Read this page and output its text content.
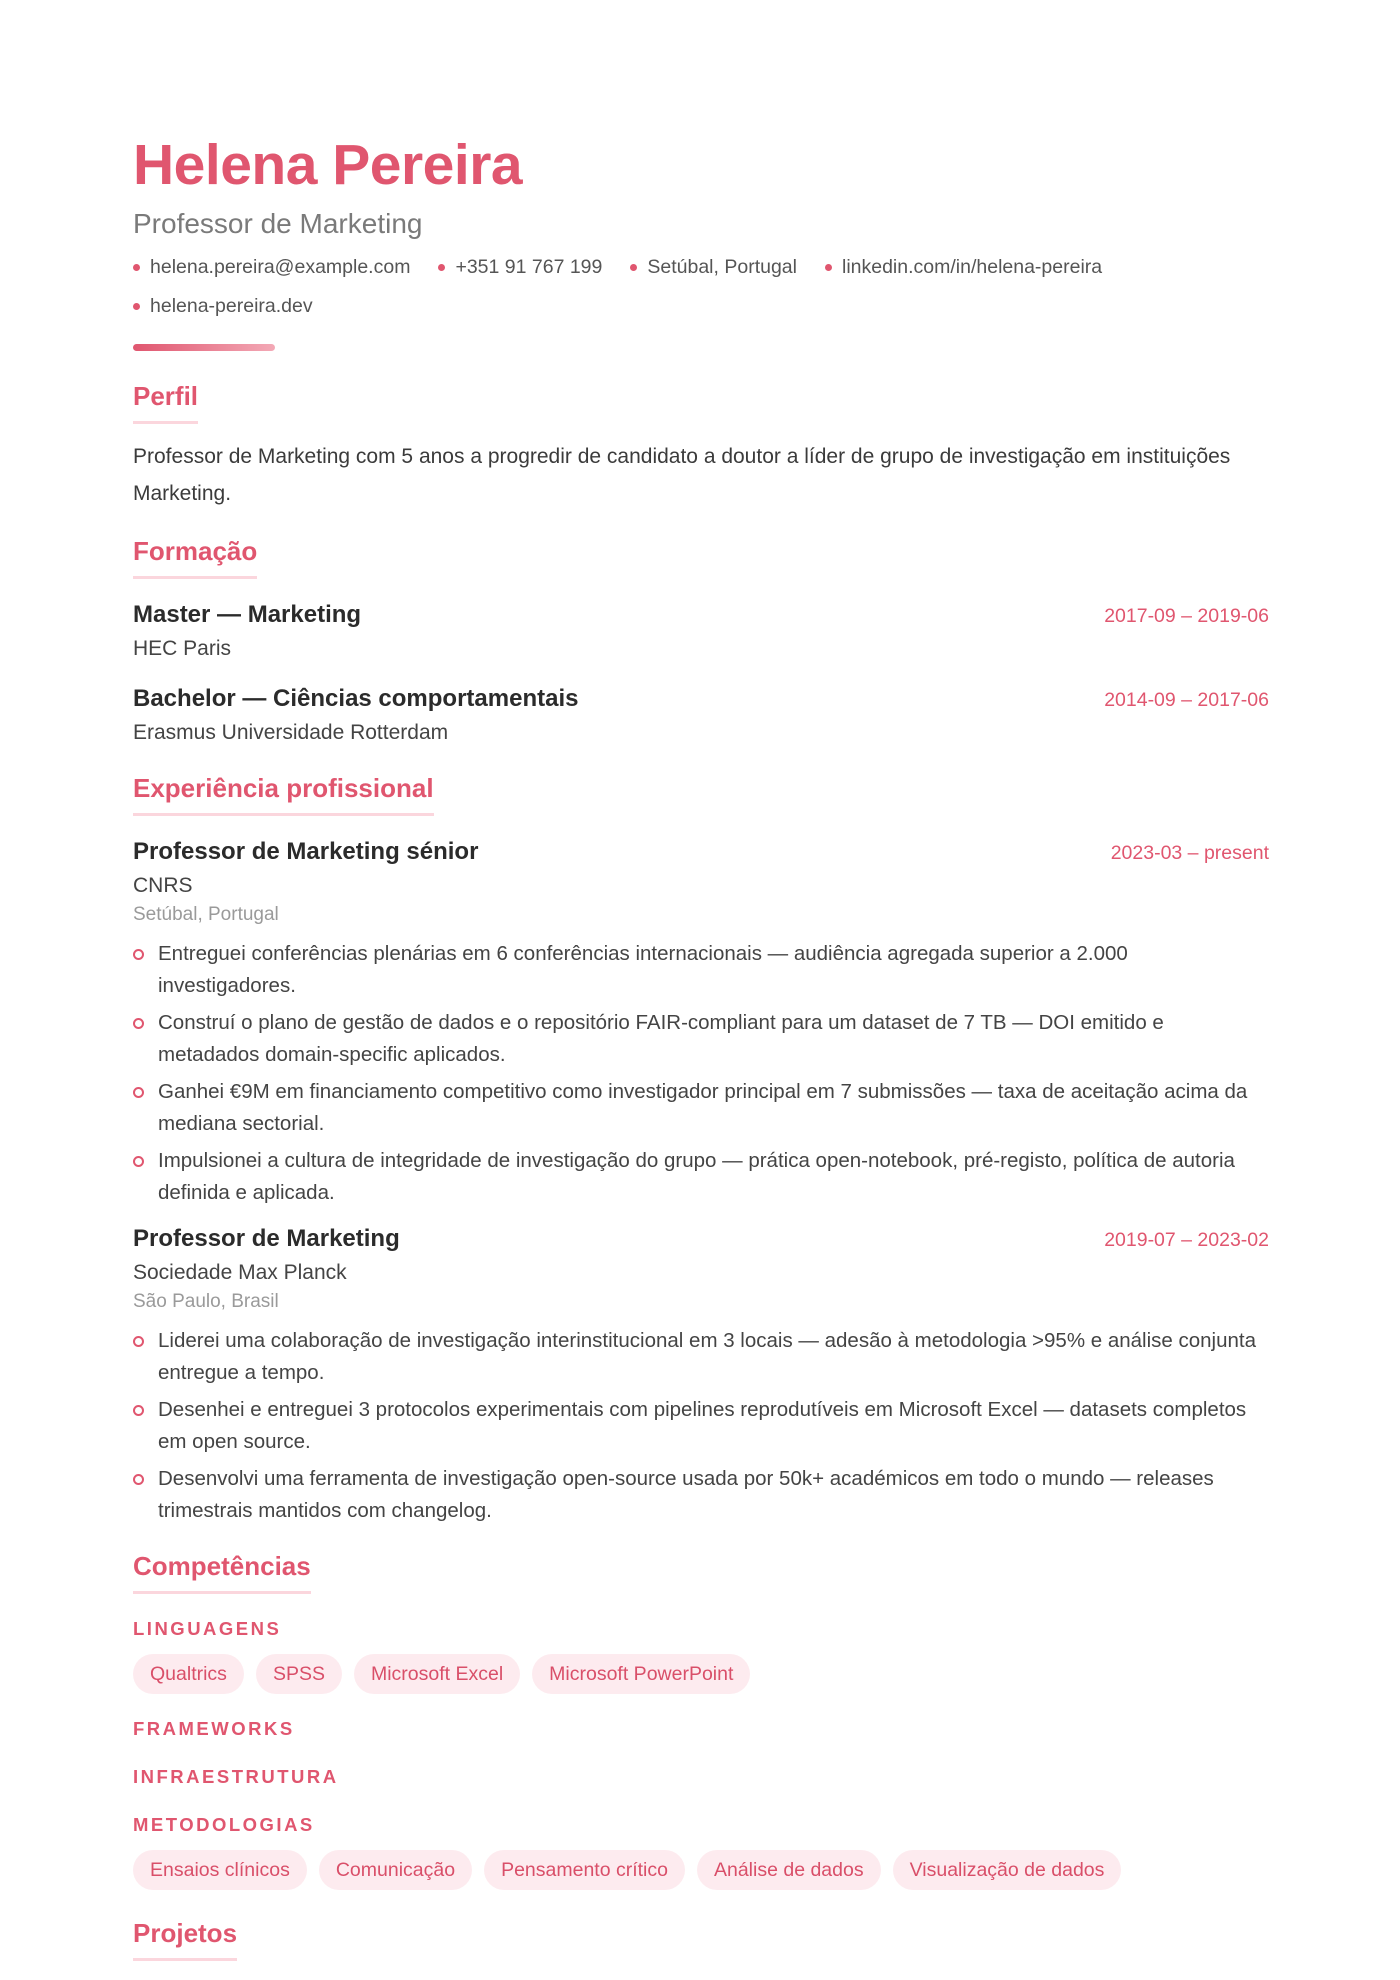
Helena Pereira
Professor de Marketing
helena.pereira@example.com +351 91 767 199 Setúbal, Portugal linkedin.com/in/helena-pereira
helena-pereira.dev
Perfil
Professor de Marketing com 5 anos a progredir de candidato a doutor a líder de grupo de investigação em instituições Marketing.
Formação
Master — Marketing	2017-09 – 2019-06
HEC Paris
Bachelor — Ciências comportamentais	2014-09 – 2017-06
Erasmus Universidade Rotterdam
Experiência profissional
Professor de Marketing sénior	2023-03 – present
CNRS
Setúbal, Portugal
Entreguei conferências plenárias em 6 conferências internacionais — audiência agregada superior a 2.000 investigadores.
Construí o plano de gestão de dados e o repositório FAIR-compliant para um dataset de 7 TB — DOI emitido e metadados domain-specific aplicados.
Ganhei €9M em financiamento competitivo como investigador principal em 7 submissões — taxa de aceitação acima da mediana sectorial.
Impulsionei a cultura de integridade de investigação do grupo — prática open-notebook, pré-registo, política de autoria definida e aplicada.
Professor de Marketing	2019-07 – 2023-02
Sociedade Max Planck
São Paulo, Brasil
Liderei uma colaboração de investigação interinstitucional em 3 locais — adesão à metodologia >95% e análise conjunta entregue a tempo.
Desenhei e entreguei 3 protocolos experimentais com pipelines reprodutíveis em Microsoft Excel — datasets completos em open source.
Desenvolvi uma ferramenta de investigação open-source usada por 50k+ académicos em todo o mundo — releases trimestrais mantidos com changelog.
Competências
LINGUAGENS
Qualtrics	SPSS	Microsoft Excel	Microsoft PowerPoint
FRAMEWORKS
INFRAESTRUTURA
METODOLOGIAS
Ensaios clínicos	Comunicação	Pensamento crítico	Análise de dados	Visualização de dados
Projetos
